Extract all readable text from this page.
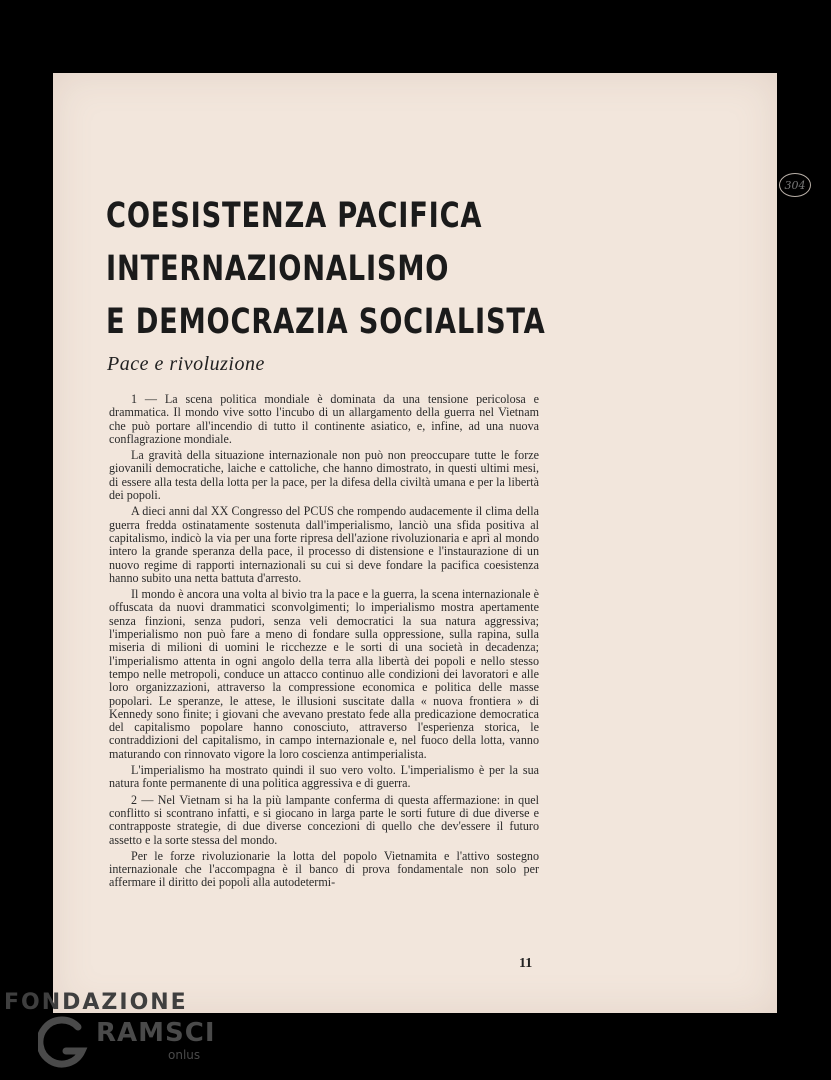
304
COESISTENZA PACIFICA
INTERNAZIONALISMO
E DEMOCRAZIA SOCIALISTA
Pace e rivoluzione

1 — La scena politica mondiale è dominata da una tensione pericolosa e drammatica. Il mondo vive sotto l'incubo di un allargamento della guerra nel Vietnam che può portare all'incendio di tutto il continente asiatico, e, infine, ad una nuova conflagrazione mondiale.

La gravità della situazione internazionale non può non preoccupare tutte le forze giovanili democratiche, laiche e cattoliche, che hanno dimostrato, in questi ultimi mesi, di essere alla testa della lotta per la pace, per la difesa della civiltà umana e per la libertà dei popoli.

A dieci anni dal XX Congresso del PCUS che rompendo audacemente il clima della guerra fredda ostinatamente sostenuta dall'imperialismo, lanciò una sfida positiva al capitalismo, indicò la via per una forte ripresa dell'azione rivoluzionaria e aprì al mondo intero la grande speranza della pace, il processo di distensione e l'instaurazione di un nuovo regime di rapporti internazionali su cui si deve fondare la pacifica coesistenza hanno subito una netta battuta d'arresto.

Il mondo è ancora una volta al bivio tra la pace e la guerra, la scena internazionale è offuscata da nuovi drammatici sconvolgimenti; lo imperialismo mostra apertamente senza finzioni, senza pudori, senza veli democratici la sua natura aggressiva; l'imperialismo non può fare a meno di fondare sulla oppressione, sulla rapina, sulla miseria di milioni di uomini le ricchezze e le sorti di una società in decadenza; l'imperialismo attenta in ogni angolo della terra alla libertà dei popoli e nello stesso tempo nelle metropoli, conduce un attacco continuo alle condizioni dei lavoratori e alle loro organizzazioni, attraverso la compressione economica e politica delle masse popolari. Le speranze, le attese, le illusioni suscitate dalla « nuova frontiera » di Kennedy sono finite; i giovani che avevano prestato fede alla predicazione democratica del capitalismo popolare hanno conosciuto, attraverso l'esperienza storica, le contraddizioni del capitalismo, in campo internazionale e, nel fuoco della lotta, vanno maturando con rinnovato vigore la loro coscienza antimperialista.

L'imperialismo ha mostrato quindi il suo vero volto. L'imperialismo è per la sua natura fonte permanente di una politica aggressiva e di guerra.

2 — Nel Vietnam si ha la più lampante conferma di questa affermazione: in quel conflitto si scontrano infatti, e si giocano in larga parte le sorti future di due diverse e contrapposte strategie, di due diverse concezioni di quello che dev'essere il futuro assetto e la sorte stessa del mondo.

Per le forze rivoluzionarie la lotta del popolo Vietnamita e l'attivo sostegno internazionale che l'accompagna è il banco di prova fondamentale non solo per affermare il diritto dei popoli alla autodetermi-

11
FONDAZIONE
RAMSCI
onlus
